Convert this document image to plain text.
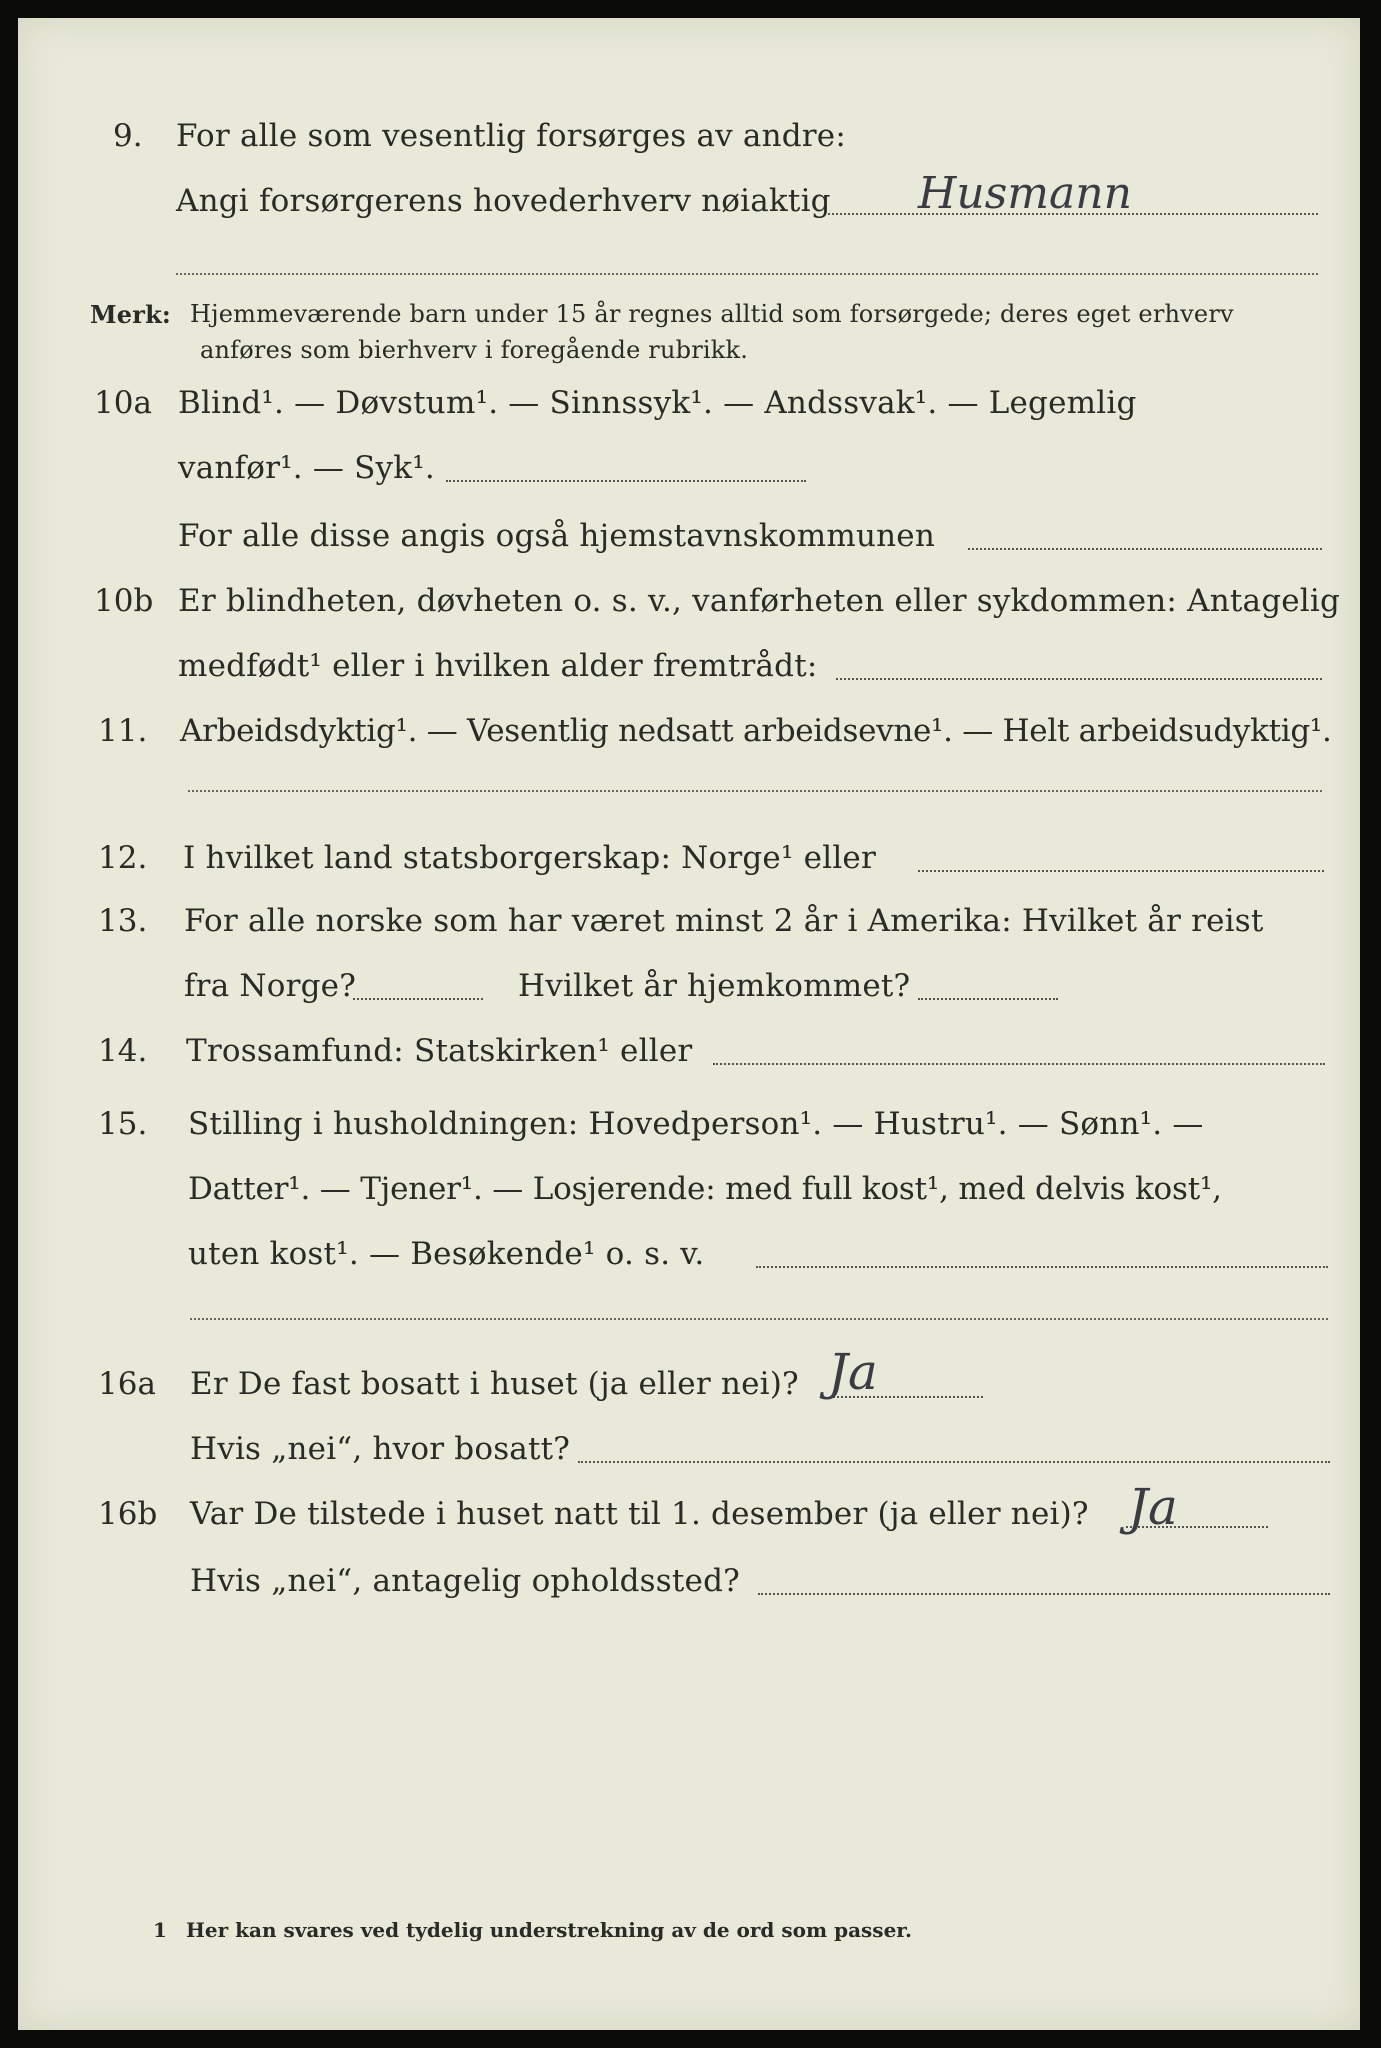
9. For alle som vesentlig forsørges av andre:
Angi forsørgerens hovederhverv nøiaktig Husmann
Merk: Hjemmeværende barn under 15 år regnes alltid som forsørgede; deres eget erhverv
anføres som bierhverv i foregående rubrikk.
10a Blind¹. — Døvstum¹. — Sinnssyk¹. — Andssvak¹. — Legemlig
vanfør¹. — Syk¹.
For alle disse angis også hjemstavnskommunen
10b Er blindheten, døvheten o. s. v., vanførheten eller sykdommen: Antagelig
medfødt¹ eller i hvilken alder fremtrådt:
11. Arbeidsdyktig¹. — Vesentlig nedsatt arbeidsevne¹. — Helt arbeidsudyktig¹.
12. I hvilket land statsborgerskap: Norge¹ eller
13. For alle norske som har været minst 2 år i Amerika: Hvilket år reist
fra Norge?	Hvilket år hjemkommet?
14. Trossamfund: Statskirken¹ eller
15. Stilling i husholdningen: Hovedperson¹. — Hustru¹. — Sønn¹. —
Datter¹. — Tjener¹. — Losjerende: med full kost¹, med delvis kost¹,
uten kost¹. — Besøkende¹ o. s. v.
16a Er De fast bosatt i huset (ja eller nei)? Ja
Hvis „nei“, hvor bosatt?
16b Var De tilstede i huset natt til 1. desember (ja eller nei)? Ja
Hvis „nei“, antagelig opholdssted?
1 Her kan svares ved tydelig understrekning av de ord som passer.
